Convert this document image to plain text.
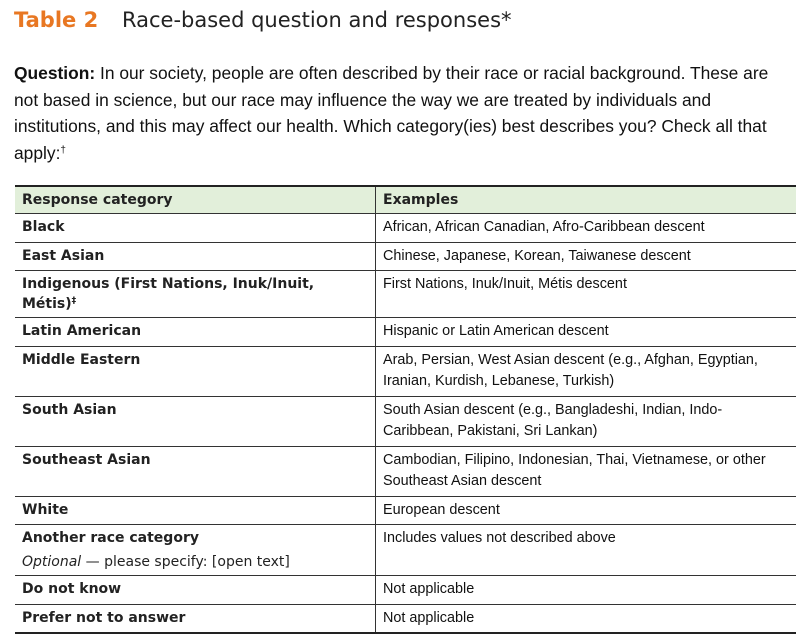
Table 2 Race-based question and responses*
Question: In our society, people are often described by their race or racial background. These are not based in science, but our race may influence the way we are treated by individuals and institutions, and this may affect our health. Which category(ies) best describes you? Check all that apply:†
Response category	Examples
Black	African, African Canadian, Afro-Caribbean descent
East Asian	Chinese, Japanese, Korean, Taiwanese descent
Indigenous (First Nations, Inuk/Inuit, Métis)‡	First Nations, Inuk/Inuit, Métis descent
Latin American	Hispanic or Latin American descent
Middle Eastern	Arab, Persian, West Asian descent (e.g., Afghan, Egyptian, Iranian, Kurdish, Lebanese, Turkish)
South Asian	South Asian descent (e.g., Bangladeshi, Indian, Indo-Caribbean, Pakistani, Sri Lankan)
Southeast Asian	Cambodian, Filipino, Indonesian, Thai, Vietnamese, or other Southeast Asian descent
White	European descent
Another race category
Optional — please specify: [open text]	Includes values not described above
Do not know	Not applicable
Prefer not to answer	Not applicable
